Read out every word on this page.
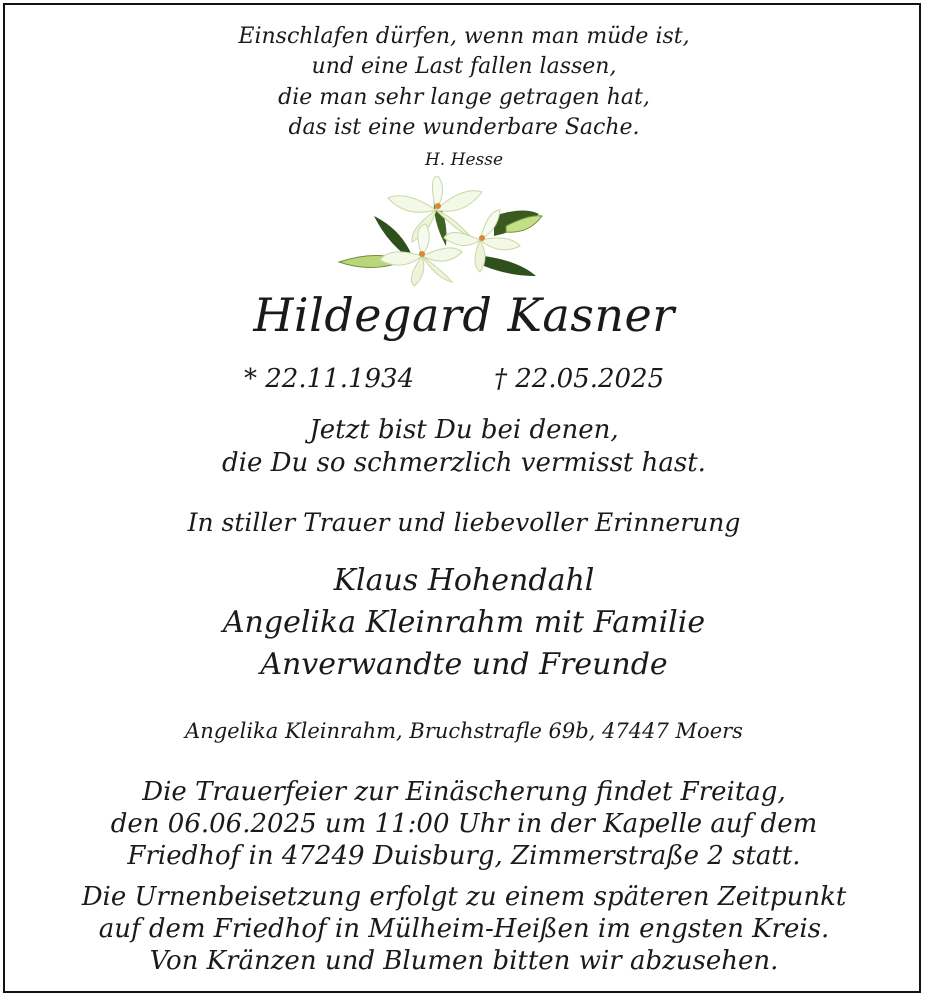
Einschlafen dürfen, wenn man müde ist,
und eine Last fallen lassen,
die man sehr lange getragen hat,
das ist eine wunderbare Sache.
H. Hesse
Hildegard Kasner
* 22.11.1934	† 22.05.2025
Jetzt bist Du bei denen,
die Du so schmerzlich vermisst hast.
In stiller Trauer und liebevoller Erinnerung
Klaus Hohendahl
Angelika Kleinrahm mit Familie
Anverwandte und Freunde
Angelika Kleinrahm, Bruchstrafle 69b, 47447 Moers
Die Trauerfeier zur Einäscherung findet Freitag,
den 06.06.2025 um 11:00 Uhr in der Kapelle auf dem
Friedhof in 47249 Duisburg, Zimmerstraße 2 statt.
Die Urnenbeisetzung erfolgt zu einem späteren Zeitpunkt
auf dem Friedhof in Mülheim-Heißen im engsten Kreis.
Von Kränzen und Blumen bitten wir abzusehen.
